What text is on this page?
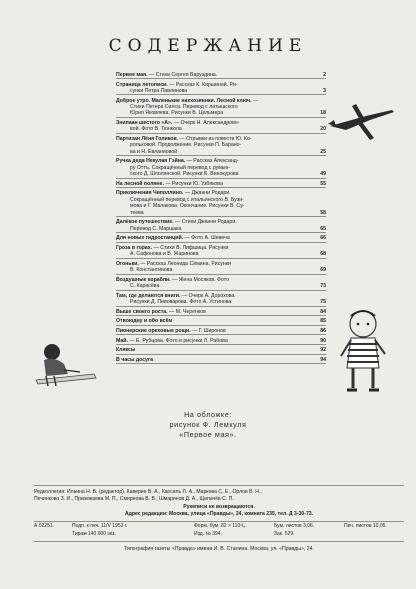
СОДЕРЖАНИЕ
Первое мая. — Стихи Сергея Варуздина.	2
Страница летописи. — Рассказ К. Киршиной. Ри-
сунки Петра Павлинова	3
Доброе утро. Маленькие наххозяннки. Лесной ключ. —
Стихи Петера Силса. Перевод с латышского
Юрия Яковлева. Рисунки В. Цельмера	18
Знипаан шестого «А». — Очерк Н. Александрово-
вой. Фото В. Тюнкола	20
Партизан Лёня Голиков. — Отрывки из повести Ю. Ко-
рольковой. Продолжение. Рисунки П. Барано-
ва и Н. Евланиовой	25
Ручка деда Некулая Гэйна. — Рассказ Александ-
ру Оттъ. Сокращённый перевод с румын-
ского Д. Шполянской. Рисунки Б. Винокурова	49
На лесной поляне. — Рисунки Ю. Узбякова	55
Приключения Чиполлино. — Джанни Родари.
Сокращённый перевод с итальянского В. Бузи-
мова и Г. Малакова. Окончание. Рисунки В. Су-
теева	58
Далёкое путешествие. — Стихи Джанни Родари.
Перевод С. Маршака	65
Для новых гидростанций. — Фото А. Шевича	66
Гроза в горах. — Стихи В. Лифшица. Рисунки
А. Сафонова и В. Жаринова	68
Огоньки. — Рассказ Леонида Сёмина. Рисунки
В. Константинова	69
Воздушные корабли. — Жена Мосяков. Фото
С. Карасёва	73
Там, где делаются книги. — Очерк А. Дорохова.
Рисунки Д. Пивоварова. Фото А. Устинова	75
Выше своего роста. — М. Черенков	84
Отвоюдну и обо всём	85
Пионерские ореховые рощи. — Г. Широнов	86
Май. — Е. Рубцова. Фото и рисунки Л. Рабова	90
Кляксы	92
В часы досуга	94
На обложке:
рисунок Ф. Лемкуля
«Первое мая».
Редколлегия: Ильина Н. В. (редактор), Каверин В. А., Кассиль Л. А., Маркова С. Е., Орлов В. Н.,
Печинкова З. И., Призежаева М. П., Смирнова В. В., Шмаринов Д. А., Щипачёв С. П.
Рукописи не возвращаются.
Адрес редакции: Москва, улица «Правды», 24, комната 235, тел. Д 3-30-73.
А 02251.	Подп. к печ. 11/V 1953 г.	Форм. бум. 82 × 110¹/₈.	Бум. листов 3,06.	Печ. листов 10,05.
Тираж 140 000 экз.	Изд. № 394.	Зак. 529.
Типография газеты «Правда» имени И. В. Сталина. Москва, ул. «Правды», 24.
